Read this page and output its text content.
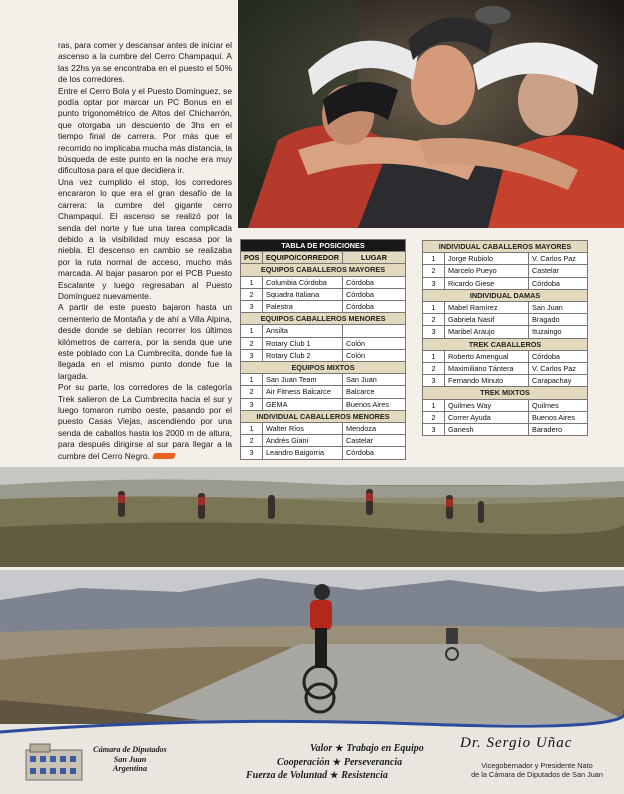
ras, para comer y descansar antes de iniciar el ascenso a la cumbre del Cerro Champaquí. A las 22hs ya se encontraba en el puesto el 50% de los corredores.

Entre el Cerro Bola y el Puesto Domínguez, se podía optar por marcar un PC Bonus en el punto trigonométrico de Altos del Chicharrón, que otorgaba un descuento de 3hs en el tiempo final de carrera. Por más que el recorrido no implicaba mucha más distancia, la búsqueda de este punto en la noche era muy dificultosa para el que decidiera ir.

Una vez cumplido el stop, los corredores encararon lo que era el gran desafío de la carrera: la cumbre del gigante cerro Champaquí. El ascenso se realizó por la senda del norte y fue una tarea complicada debido a la visibilidad muy escasa por la niebla. El descenso en cambio se realizaba por la ruta normal de acceso, mucho más marcada. Al bajar pasaron por el PCB Puesto Escalante y luego regresaban al Puesto Domínguez nuevamente.

A partir de este puesto bajaron hasta un cementerio de Montaña y de ahí a Villa Alpina, desde donde se debían recorrer los últimos kilómetros de carrera, por la senda que une este poblado con La Cumbrecita, donde fue la llegada en el mismo punto donde fue la largada.

Por su parte, los corredores de la categoría Trek salieron de La Cumbrecita hacia el sur y luego tomaron rumbo oeste, pasando por el puesto Casas Viejas, ascendiendo por una senda de caballos hasta los 2000 m de altura, para después dirigirse al sur para llegar a la cumbre del Cerro Negro.

TABLA DE POSICIONES		
POS	EQUIPO/CORREDOR	LUGAR
EQUIPOS CABALLEROS MAYORES		
1	Columbia Córdoba	Córdoba
2	Squadra Italiana	Córdoba
3	Palestra	Córdoba
EQUIPOS CABALLEROS MENORES		
1	Ansilta	
2	Rotary Club 1	Colón
3	Rotary Club 2	Colón
EQUIPOS MIXTOS		
1	San Juan Team	San Juan
2	Air Fitness Balcarce	Balcarce
3	GEMA	Buenos Aires
INDIVIDUAL CABALLEROS MENORES		
1	Walter Ríos	Mendoza
2	Andrés Giani	Castelar
3	Leandro Baigorria	Córdoba
INDIVIDUAL CABALLEROS MAYORES		
1	Jorge Rubiolo	V. Carlos Paz
2	Marcelo Pueyo	Castelar
3	Ricardo Giese	Córdoba
INDIVIDUAL DAMAS		
1	Mabel Ramírez	San Juan
2	Gabriela Nasif	Bragado
3	Maribel Araujo	Ituzaingo
TREK CABALLEROS		
1	Roberto Amengual	Córdoba
2	Maximiliano Tántera	V. Carlos Paz
3	Fernando Minuto	Carapachay
TREK MIXTOS		
1	Quilmes Way	Quilmes
2	Correr Ayuda	Buenos Aires
3	Ganesh	Baradero
Cámara de Diputados
San Juan
Argentina
Valor ★ Trabajo en Equipo
Cooperación ★ Perseverancia
Fuerza de Voluntad ★ Resistencia
Dr. Sergio Uñac
Vicegobernador y Presidente Nato
de la Cámara de Diputados de San Juan
